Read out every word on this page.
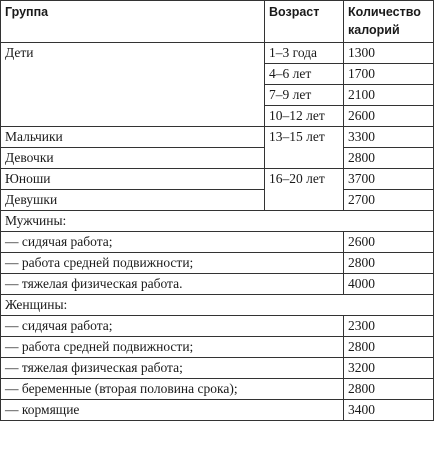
Группа	Возраст	Количество калорий
Дети	1–3 года	1300
	4–6 лет	1700
	7–9 лет	2100
	10–12 лет	2600
Мальчики	13–15 лет	3300
Девочки		2800
Юноши	16–20 лет	3700
Девушки		2700
Мужчины:		
— сидячая работа;		2600
— работа средней подвижности;		2800
— тяжелая физическая работа.		4000
Женщины:		
— сидячая работа;		2300
— работа средней подвижности;		2800
— тяжелая физическая работа;		3200
— беременные (вторая половина срока);		2800
— кормящие		3400
